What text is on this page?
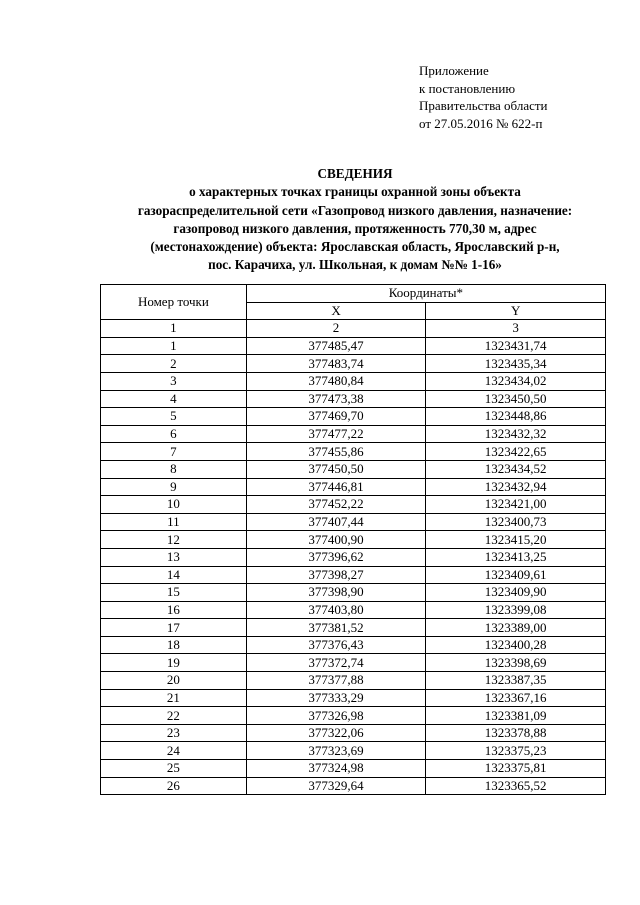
Приложение
к постановлению
Правительства области
от 27.05.2016 № 622-п
СВЕДЕНИЯ
о характерных точках границы охранной зоны объекта
газораспределительной сети «Газопровод низкого давления, назначение:
газопровод низкого давления, протяженность 770,30 м, адрес
(местонахождение) объекта: Ярославская область, Ярославский р-н,
пос. Карачиха, ул. Школьная, к домам №№ 1-16»
Номер точки	Координаты*	
	X	Y
1	2	3
1	377485,47	1323431,74
2	377483,74	1323435,34
3	377480,84	1323434,02
4	377473,38	1323450,50
5	377469,70	1323448,86
6	377477,22	1323432,32
7	377455,86	1323422,65
8	377450,50	1323434,52
9	377446,81	1323432,94
10	377452,22	1323421,00
11	377407,44	1323400,73
12	377400,90	1323415,20
13	377396,62	1323413,25
14	377398,27	1323409,61
15	377398,90	1323409,90
16	377403,80	1323399,08
17	377381,52	1323389,00
18	377376,43	1323400,28
19	377372,74	1323398,69
20	377377,88	1323387,35
21	377333,29	1323367,16
22	377326,98	1323381,09
23	377322,06	1323378,88
24	377323,69	1323375,23
25	377324,98	1323375,81
26	377329,64	1323365,52
